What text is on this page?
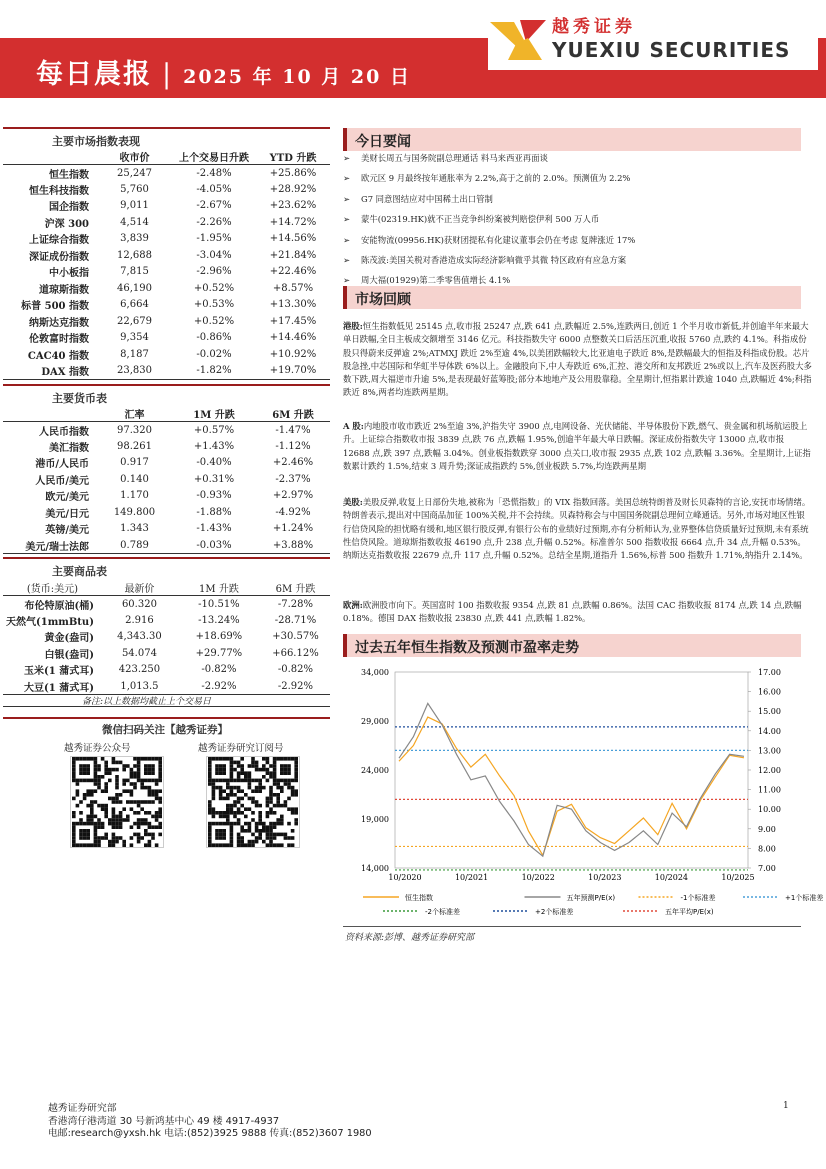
每日晨报 | 2025 年 10 月 20 日
越秀证券
YUEXIU SECURITIES
主要市场指数表现
	收市价	上个交易日升跌	YTD 升跌
恒生指数	25,247	-2.48%	+25.86%
恒生科技指数	5,760	-4.05%	+28.92%
国企指数	9,011	-2.67%	+23.62%
沪深 300	4,514	-2.26%	+14.72%
上证综合指数	3,839	-1.95%	+14.56%
深证成份指数	12,688	-3.04%	+21.84%
中小板指	7,815	-2.96%	+22.46%
道琼斯指数	46,190	+0.52%	+8.57%
标普 500 指数	6,664	+0.53%	+13.30%
纳斯达克指数	22,679	+0.52%	+17.45%
伦敦富时指数	9,354	-0.86%	+14.46%
CAC40 指数	8,187	-0.02%	+10.92%
DAX 指数	23,830	-1.82%	+19.70%
主要货币表
	汇率	1M 升跌	6M 升跌
人民币指数	97.320	+0.57%	-1.47%
美汇指数	98.261	+1.43%	-1.12%
港币/人民币	0.917	-0.40%	+2.46%
人民币/美元	0.140	+0.31%	-2.37%
欧元/美元	1.170	-0.93%	+2.97%
美元/日元	149.800	-1.88%	-4.92%
英镑/美元	1.343	-1.43%	+1.24%
美元/瑞士法郎	0.789	-0.03%	+3.88%
主要商品表
(货币:美元)	最新价	1M 升跌	6M 升跌
布伦特原油(桶)	60.320	-10.51%	-7.28%
天然气(1mmBtu)	2.916	-13.24%	-28.71%
黄金(盎司)	4,343.30	+18.69%	+30.57%
白银(盎司)	54.074	+29.77%	+66.12%
玉米(1 蒲式耳)	423.250	-0.82%	-0.82%
大豆(1 蒲式耳)	1,013.5	-2.92%	-2.92%
备注:以上数据均截止上个交易日
微信扫码关注【越秀证券】
越秀证券公众号	越秀证券研究订阅号
今日要闻
➢ 美财长周五与国务院副总理通话 料马来西亚再面谈
➢ 欧元区 9 月最终按年通胀率为 2.2%,高于之前的 2.0%。预测值为 2.2%
➢ G7 同意图结应对中国稀土出口管制
➢ 蒙牛(02319.HK)就不正当竞争纠纷案被判赔偿伊利 500 万人币
➢ 安能物流(09956.HK)获财团提私有化建议董事会仍在考虑 复牌涨近 17%
➢ 陈茂波:美国关税对香港造成实际经济影响微乎其微 特区政府有应急方案
➢ 周大福(01929)第二季零售值增长 4.1%
市场回顾
港股:恒生指数低见 25145 点,收市报 25247 点,跌 641 点,跌幅近 2.5%,连跌两日,创近 1 个半月收市新低,并创逾半年来最大单日跌幅,全日主板成交额增至 3146 亿元。科技指数失守 6000 点整数关口后活压沉重,收报 5760 点,跌约 4.1%。科指成份股只得蔚来反弹逾 2%;ATMXJ 跌近 2%至逾 4%,以美团跌幅较大,比亚迪电子跌近 8%,是跌幅最大的恒指及科指成份股。芯片股急挫,中芯国际和华虹半导体跌 6%以上。金融股向下,中人寿跌近 6%,汇控、港交所和友邦跌近 2%或以上,汽车及医药股大多数下跌,周大福逆市升逾 5%,是表现最好蓝筹股;部分本地地产及公用股靠稳。全星期计,恒指累计跌逾 1040 点,跌幅近 4%;科指跌近 8%,两者均连跌两星期。
A 股:内地股市收市跌近 2%至逾 3%,沪指失守 3900 点,电网设备、光伏储能、半导体股份下跌,燃气、贵金属和机场航运股上升。上证综合指数收市报 3839 点,跌 76 点,跌幅 1.95%,创逾半年最大单日跌幅。深证成份指数失守 13000 点,收市报 12688 点,跌 397 点,跌幅 3.04%。创业板指数跌穿 3000 点关口,收市报 2935 点,跌 102 点,跌幅 3.36%。全星期计,上证指数累计跌约 1.5%,结束 3 周升势;深证成指跌约 5%,创业板跌 5.7%,均连跌两星期
美股:美股反弹,收复上日部份失地,被称为「恐慌指数」的 VIX 指数回落。美国总统特朗普及财长贝森特的言论,安抚市场情绪。特朗普表示,提出对中国商品加征 100%关税,并不会持续。贝森特称会与中国国务院副总理何立峰通话。另外,市场对地区性银行信贷风险的担忧略有缓和,地区银行股反弹,有银行公布的业绩好过预期,亦有分析师认为,业界整体信贷质量好过预期,未有系统性信贷风险。道琼斯指数收报 46190 点,升 238 点,升幅 0.52%。标准普尔 500 指数收报 6664 点,升 34 点,升幅 0.53%。纳斯达克指数收报 22679 点,升 117 点,升幅 0.52%。总结全星期,道指升 1.56%,标普 500 指数升 1.71%,纳指升 2.14%。
欧洲:欧洲股市向下。英国富时 100 指数收报 9354 点,跌 81 点,跌幅 0.86%。法国 CAC 指数收报 8174 点,跌 14 点,跌幅 0.18%。德国 DAX 指数收报 23830 点,跌 441 点,跌幅 1.82%。
过去五年恒生指数及预测市盈率走势
14,000
19,000
24,000
29,000
34,000
7.00
8.00
9.00
10.00
11.00
12.00
13.00
14.00
15.00
16.00
17.00
10/2020	10/2021	10/2022	10/2023	10/2024	10/2025
恒生指数	五年预测P/E(x)	-1个标准差	+1个标准差
-2个标准差	+2个标准差	五年平均P/E(x)
资料来源:彭博、越秀证券研究部
越秀证券研究部
香港湾仔港湾道 30 号新鸿基中心 49 楼 4917-4937
电邮:research@yxsh.hk 电话:(852)3925 9888 传真:(852)3607 1980
1
